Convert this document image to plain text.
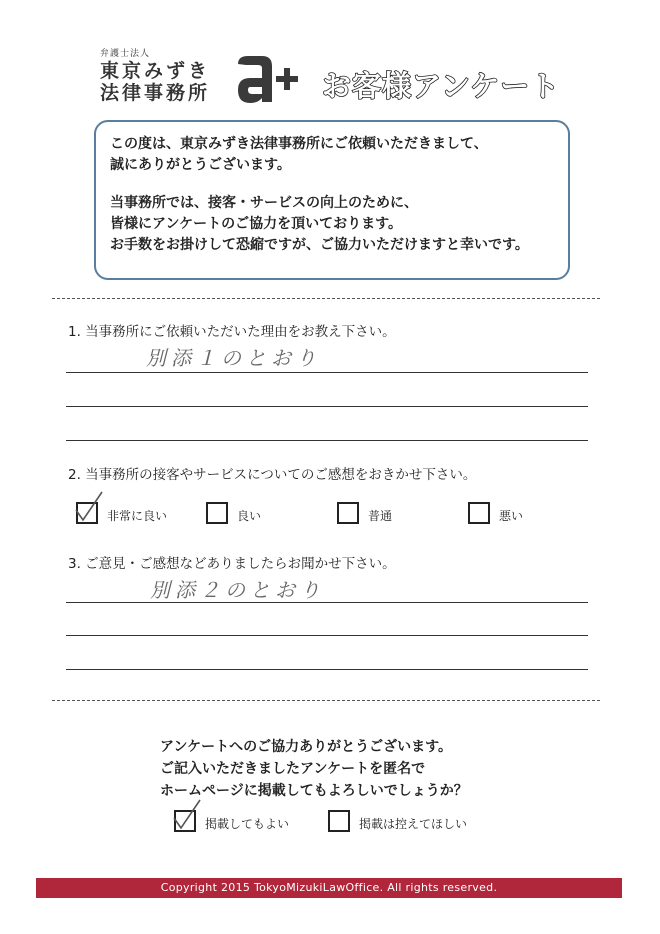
弁護士法人
東京みずき
法律事務所	お客様アンケート

この度は、東京みずき法律事務所にご依頼いただきまして、

誠にありがとうございます。

当事務所では、接客・サービスの向上のために、

皆様にアンケートのご協力を頂いております。

お手数をお掛けして恐縮ですが、ご協力いただけますと幸いです。

1. 当事務所にご依頼いただいた理由をお教え下さい。
別添１のとおり
2. 当事務所の接客やサービスについてのご感想をおきかせ下さい。
非常に良い	良い	普通	悪い
3. ご意見・ご感想などありましたらお聞かせ下さい。
別添２のとおり
アンケートへのご協力ありがとうございます。
ご記入いただきましたアンケートを匿名で
ホームページに掲載してもよろしいでしょうか？
掲載してもよい	掲載は控えてほしい
Copyright 2015 TokyoMizukiLawOffice. All rights reserved.
